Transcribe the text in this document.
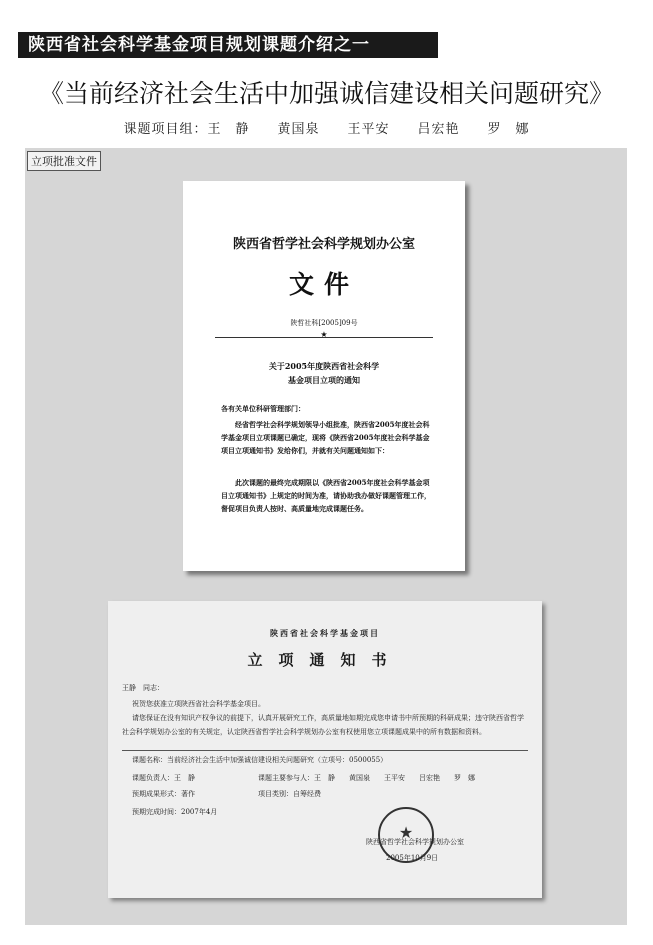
陕西省社会科学基金项目规划课题介绍之一
《当前经济社会生活中加强诚信建设相关问题研究》
课题项目组：王　静　　黄国泉　　王平安　　吕宏艳　　罗　娜
立项批准文件
陕西省哲学社会科学规划办公室
文件
陕哲社科[2005]09号
★
关于2005年度陕西省社会科学
基金项目立项的通知
各有关单位科研管理部门：
经省哲学社会科学规划领导小组批准，陕西省2005年度社会科学基金项目立项课题已确定，现将《陕西省2005年度社会科学基金项目立项通知书》发给你们，并就有关问题通知如下：
此次课题的最终完成期限以《陕西省2005年度社会科学基金项目立项通知书》上规定的时间为准，请协助我办做好课题管理工作，督促项目负责人按时、高质量地完成课题任务。
陕西省社会科学基金项目
立项通知书
王静　同志：
祝贺您获准立项陕西省社会科学基金项目。
请您保证在没有知识产权争议的前提下，认真开展研究工作，高质量地如期完成您申请书中所预期的科研成果；违守陕西省哲学社会科学规划办公室的有关规定，认定陕西省哲学社会科学规划办公室有权使用您立项课题成果中的所有数据和资料。
课题名称：当前经济社会生活中加强诚信建设相关问题研究（立项号：0500055）
课题负责人：王　静	课题主要参与人：王　静　　黄国泉　　王平安　　吕宏艳　　罗　娜
预期成果形式：著作	项目类别：自筹经费
预期完成时间：2007年4月
★
陕西省哲学社会科学规划办公室
2005年10月9日
